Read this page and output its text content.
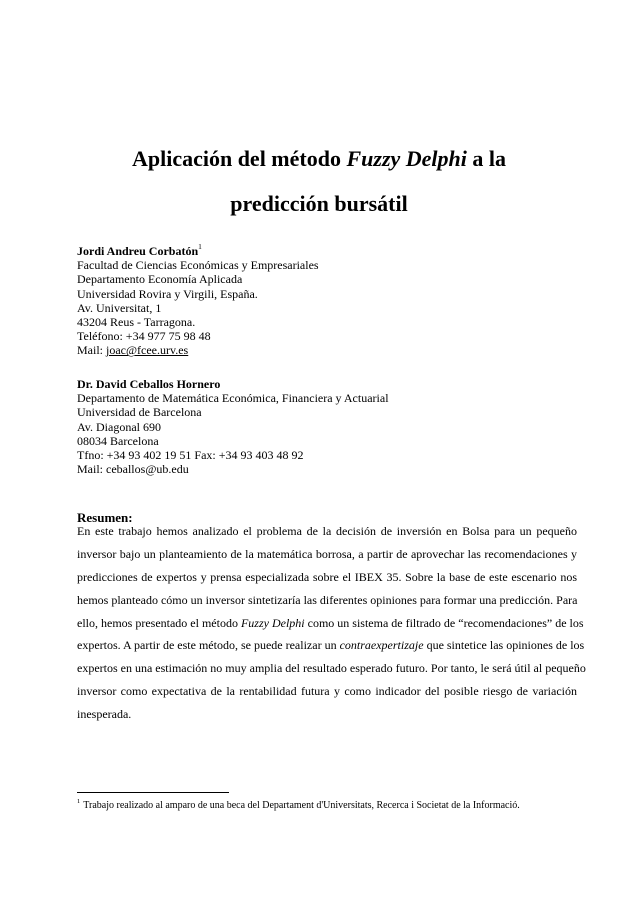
Aplicación del método Fuzzy Delphi a la
predicción bursátil
Jordi Andreu Corbatón$^1$
Facultad de Ciencias Económicas y Empresariales
Departamento Economía Aplicada
Universidad Rovira y Virgili, España.
Av. Universitat, 1
43204 Reus - Tarragona.
Teléfono: +34 977 75 98 48
Mail: joac@fcee.urv.es
Dr. David Ceballos Hornero
Departamento de Matemática Económica, Financiera y Actuarial
Universidad de Barcelona
Av. Diagonal 690
08034 Barcelona
Tfno: +34 93 402 19 51 Fax: +34 93 403 48 92
Mail: ceballos@ub.edu
Resumen:
En este trabajo hemos analizado el problema de la decisión de inversión en Bolsa para un pequeño
inversor bajo un planteamiento de la matemática borrosa, a partir de aprovechar las recomendaciones y
predicciones de expertos y prensa especializada sobre el IBEX 35. Sobre la base de este escenario nos
hemos planteado cómo un inversor sintetizaría las diferentes opiniones para formar una predicción. Para
ello, hemos presentado el método Fuzzy Delphi como un sistema de filtrado de “recomendaciones” de los
expertos. A partir de este método, se puede realizar un contraexpertizaje que sintetice las opiniones de los
expertos en una estimación no muy amplia del resultado esperado futuro. Por tanto, le será útil al pequeño
inversor como expectativa de la rentabilidad futura y como indicador del posible riesgo de variación
inesperada.
$^1$ Trabajo realizado al amparo de una beca del Departament d'Universitats, Recerca i Societat de la Informació.
